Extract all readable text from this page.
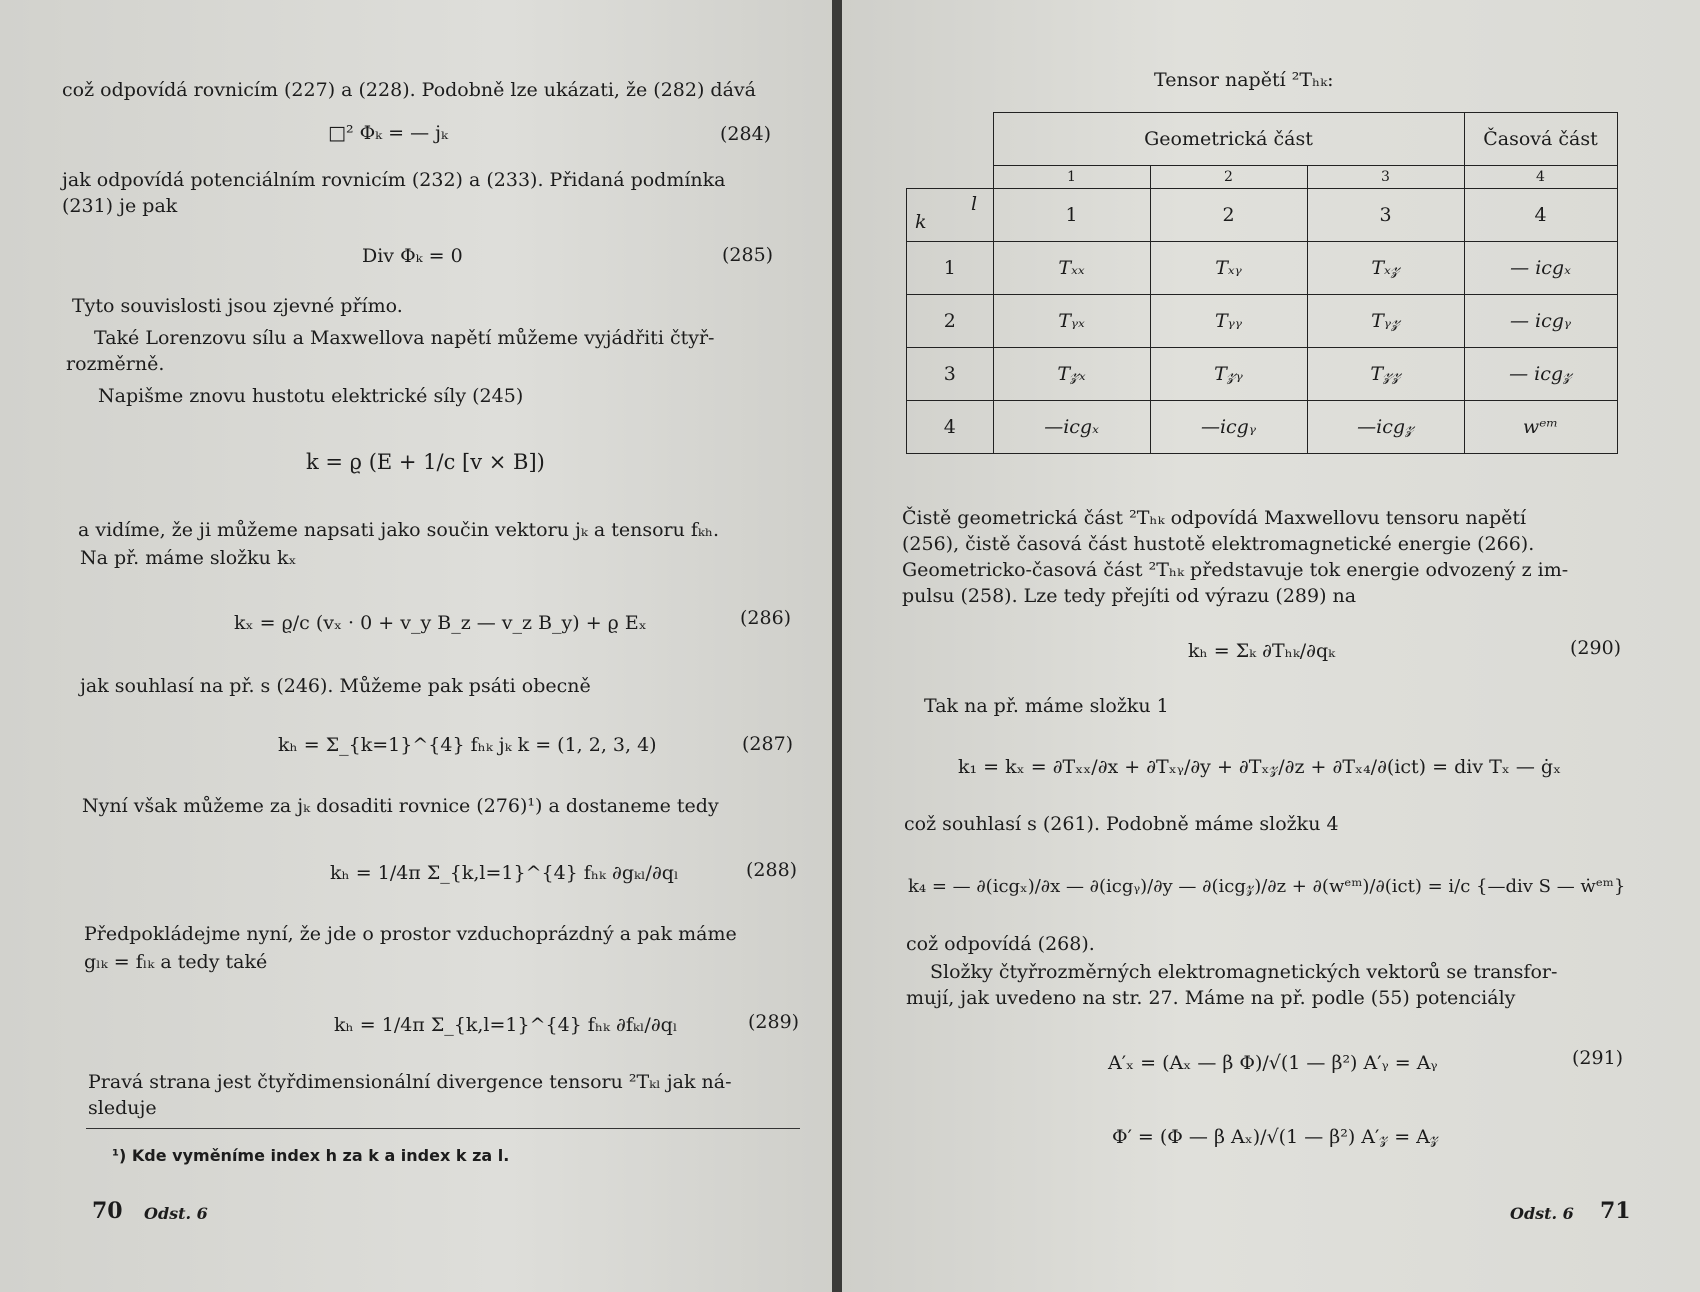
což odpovídá rovnicím (227) a (228). Podobně lze ukázati, že (282) dává
□² Φₖ = — jₖ	(284)
jak odpovídá potenciálním rovnicím (232) a (233). Přidaná podmínka
(231) je pak
Div Φₖ = 0	(285)
Tyto souvislosti jsou zjevné přímo.
Také Lorenzovu sílu a Maxwellova napětí můžeme vyjádřiti čtyř-
rozměrně.
Napišme znovu hustotu elektrické síly (245)
k = ϱ (E + 1/c [v × B])
a vidíme, že ji můžeme napsati jako součin vektoru jₖ a tensoru fₖₕ.
Na př. máme složku kₓ
kₓ = ϱ/c (vₓ · 0 + v_y B_z — v_z B_y) + ϱ Eₓ	(286)
jak souhlasí na př. s (246). Můžeme pak psáti obecně
kₕ = Σ_{k=1}^{4} fₕₖ jₖ k = (1, 2, 3, 4)	(287)
Nyní však můžeme za jₖ dosaditi rovnice (276)¹) a dostaneme tedy
kₕ = 1/4π Σ_{k,l=1}^{4} fₕₖ ∂gₖₗ/∂qₗ	(288)
Předpokládejme nyní, že jde o prostor vzduchoprázdný a pak máme
gₗₖ = fₗₖ a tedy také
kₕ = 1/4π Σ_{k,l=1}^{4} fₕₖ ∂fₖₗ/∂qₗ	(289)
Pravá strana jest čtyřdimensionální divergence tensoru ²Tₖₗ jak ná-
sleduje
¹) Kde vyměníme index h za k a index k za l.
70 Odst. 6
Tensor napětí ²Tₕₖ:
	Geometrická část			Časová část
	1	2	3	4

k
l	1	2	3	4
1	Tₓₓ	Tₓᵧ	Tₓ𝓏	— icgₓ
2	Tᵧₓ	Tᵧᵧ	Tᵧ𝓏	— icgᵧ
3	T𝓏ₓ	T𝓏ᵧ	T𝓏𝓏	— icg𝓏
4	—icgₓ	—icgᵧ	—icg𝓏	wᵉᵐ
Čistě geometrická část ²Tₕₖ odpovídá Maxwellovu tensoru napětí
(256), čistě časová část hustotě elektromagnetické energie (266).
Geometricko-časová část ²Tₕₖ představuje tok energie odvozený z im-
pulsu (258). Lze tedy přejíti od výrazu (289) na
kₕ = Σₖ ∂Tₕₖ/∂qₖ	(290)
Tak na př. máme složku 1
k₁ = kₓ = ∂Tₓₓ/∂x + ∂Tₓᵧ/∂y + ∂Tₓ𝓏/∂z + ∂Tₓ₄/∂(ict) = div Tₓ — ġₓ
což souhlasí s (261). Podobně máme složku 4
k₄ = — ∂(icgₓ)/∂x — ∂(icgᵧ)/∂y — ∂(icg𝓏)/∂z + ∂(wᵉᵐ)/∂(ict) = i/c {—div S — ẇᵉᵐ}
což odpovídá (268).
Složky čtyřrozměrných elektromagnetických vektorů se transfor-
mují, jak uvedeno na str. 27. Máme na př. podle (55) potenciály
A′ₓ = (Aₓ — β Φ)/√(1 — β²) A′ᵧ = Aᵧ	(291)
Φ′ = (Φ — β Aₓ)/√(1 — β²) A′𝓏 = A𝓏
Odst. 6 71
